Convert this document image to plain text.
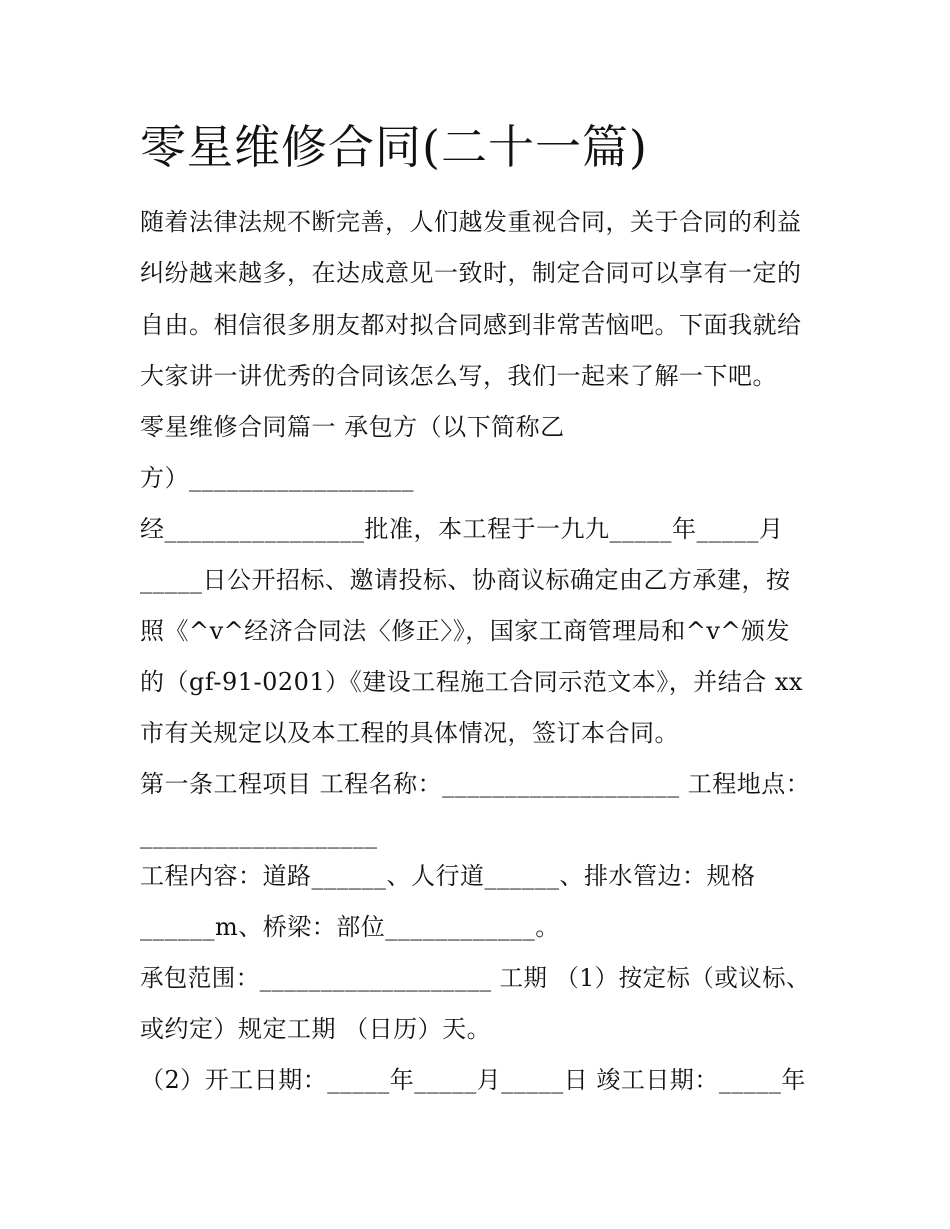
零星维修合同(二十一篇)
随着法律法规不断完善，人们越发重视合同，关于合同的利益
纠纷越来越多，在达成意见一致时，制定合同可以享有一定的
自由。相信很多朋友都对拟合同感到非常苦恼吧。下面我就给
大家讲一讲优秀的合同该怎么写，我们一起来了解一下吧。
零星维修合同篇一 承包方（以下简称乙
方）__________________
经________________批准，本工程于一九九_____年_____月
_____日公开招标、邀请投标、协商议标确定由乙方承建，按
照《^v^经济合同法〈修正〉》，国家工商管理局和^v^颁发
的（gf-91-0201）《建设工程施工合同示范文本》，并结合 xx
市有关规定以及本工程的具体情况，签订本合同。
第一条工程项目 工程名称：___________________ 工程地点：
___________________
工程内容：道路______、人行道______、排水管边：规格
______m、桥梁：部位____________。
承包范围：___________________ 工期 （1）按定标（或议标、
或约定）规定工期 （日历）天。
（2）开工日期：_____年_____月_____日 竣工日期：_____年
